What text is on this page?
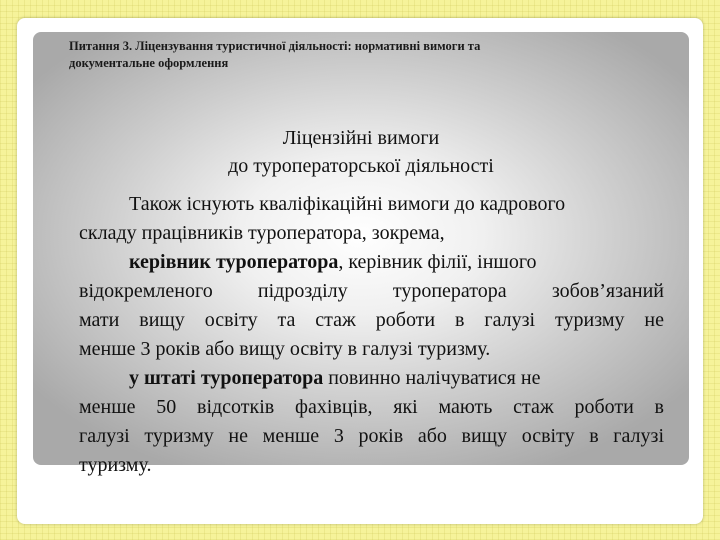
Питання 3. Ліцензування туристичної діяльності: нормативні вимоги та
документальне оформлення
Ліцензійні вимоги
до туроператорської діяльності
Також існують кваліфікаційні вимоги до кадрового
складу працівників туроператора, зокрема,
керівник туроператора, керівник філії, іншого
відокремленого підрозділу туроператора зобов’язаний
мати вищу освіту та стаж роботи в галузі туризму не
менше 3 років або вищу освіту в галузі туризму.
у штаті туроператора повинно налічуватися не
менше 50 відсотків фахівців, які мають стаж роботи в
галузі туризму не менше 3 років або вищу освіту в галузі
туризму.
